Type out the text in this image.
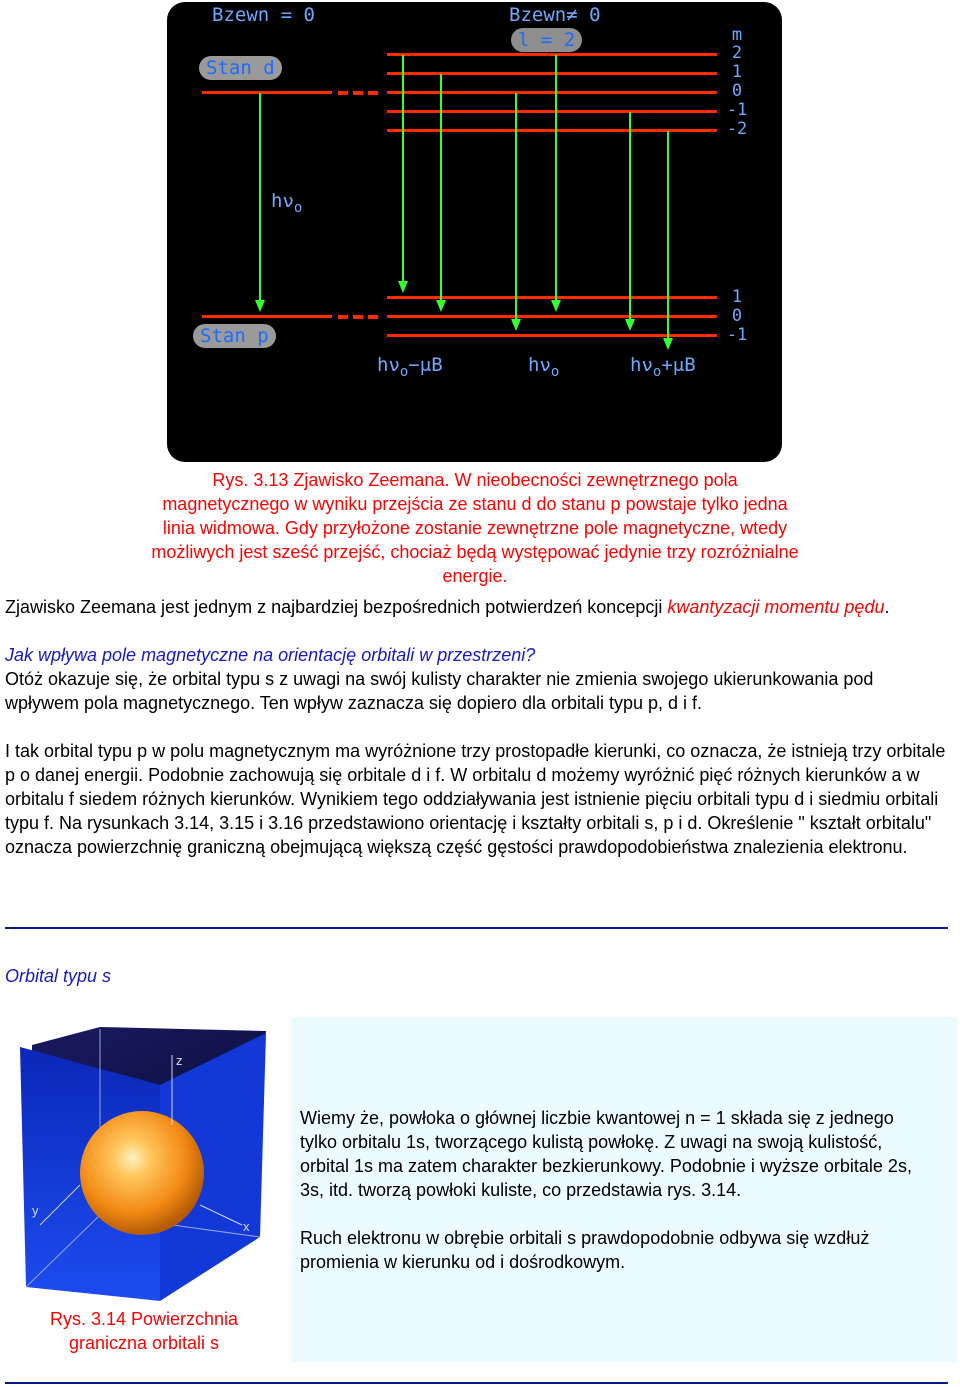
Bzewn = 0	Bzewn≠ 0
l = 2
Stan d
Stan p
m
2
1
0
-1
-2
1
0
-1
$h\nu_o$
$h\nu_o-\mu B$	$h\nu_o$	$h\nu_o+\mu B$
Rys. 3.13 Zjawisko Zeemana. W nieobecności zewnętrznego pola magnetycznego w wyniku przejścia ze stanu d do stanu p powstaje tylko jedna linia widmowa. Gdy przyłożone zostanie zewnętrzne pole magnetyczne, wtedy możliwych jest sześć przejść, chociaż będą występować jedynie trzy rozróżnialne energie.
Zjawisko Zeemana jest jednym z najbardziej bezpośrednich potwierdzeń koncepcji kwantyzacji momentu pędu.
Jak wpływa pole magnetyczne na orientację orbitali w przestrzeni?
Otóż okazuje się, że orbital typu s z uwagi na swój kulisty charakter nie zmienia swojego ukierunkowania pod wpływem pola magnetycznego. Ten wpływ zaznacza się dopiero dla orbitali typu p, d i f.
I tak orbital typu p w polu magnetycznym ma wyróżnione trzy prostopadłe kierunki, co oznacza, że istnieją trzy orbitale p o danej energii. Podobnie zachowują się orbitale d i f. W orbitalu d możemy wyróżnić pięć różnych kierunków a w orbitalu f siedem różnych kierunków. Wynikiem tego oddziaływania jest istnienie pięciu orbitali typu d i siedmiu orbitali typu f. Na rysunkach 3.14, 3.15 i 3.16 przedstawiono orientację i kształty orbitali s, p i d. Określenie " kształt orbitalu" oznacza powierzchnię graniczną obejmującą większą część gęstości prawdopodobieństwa znalezienia elektronu.
Orbital typu s
z
y
x
Rys. 3.14 Powierzchnia graniczna orbitali s
Wiemy że, powłoka o głównej liczbie kwantowej n = 1 składa się z jednego tylko orbitalu 1s, tworzącego kulistą powłokę. Z uwagi na swoją kulistość, orbital 1s ma zatem charakter bezkierunkowy. Podobnie i wyższe orbitale 2s, 3s, itd. tworzą powłoki kuliste, co przedstawia rys. 3.14.
Ruch elektronu w obrębie orbitali s prawdopodobnie odbywa się wzdłuż promienia w kierunku od i dośrodkowym.
